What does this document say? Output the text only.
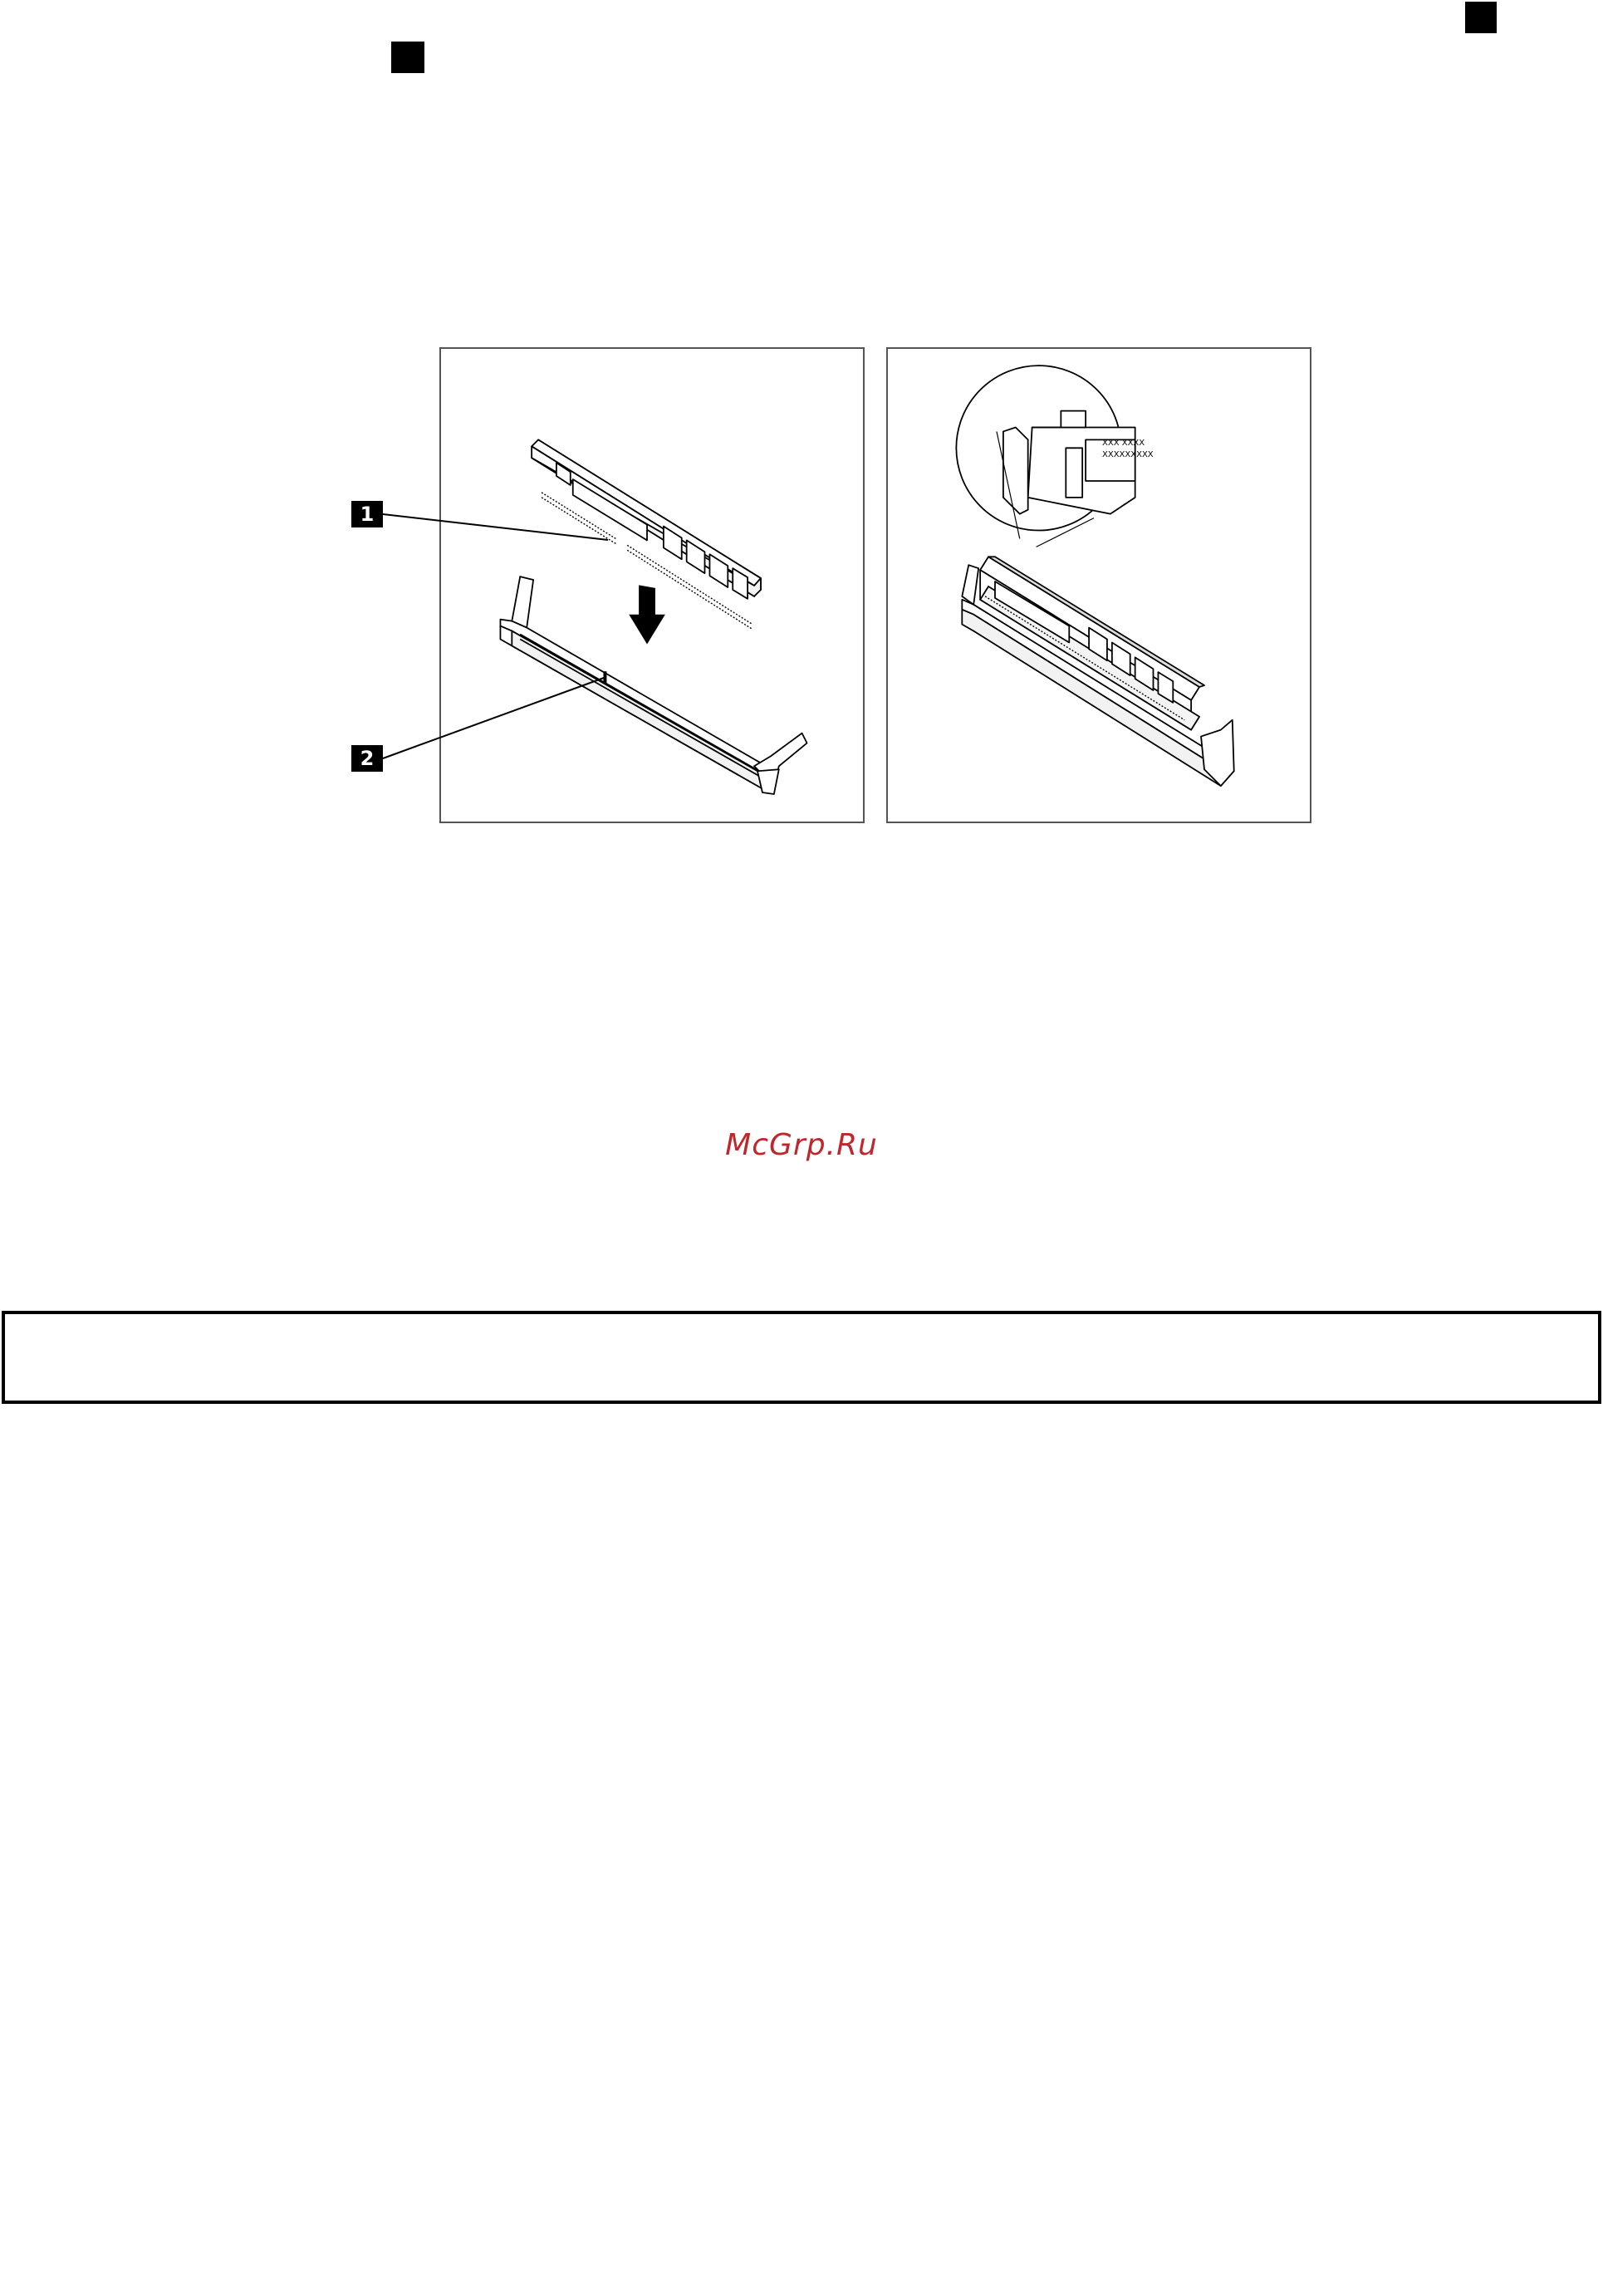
XXX XXXX
XXXXXXXXX
1
2
McGrp.Ru
